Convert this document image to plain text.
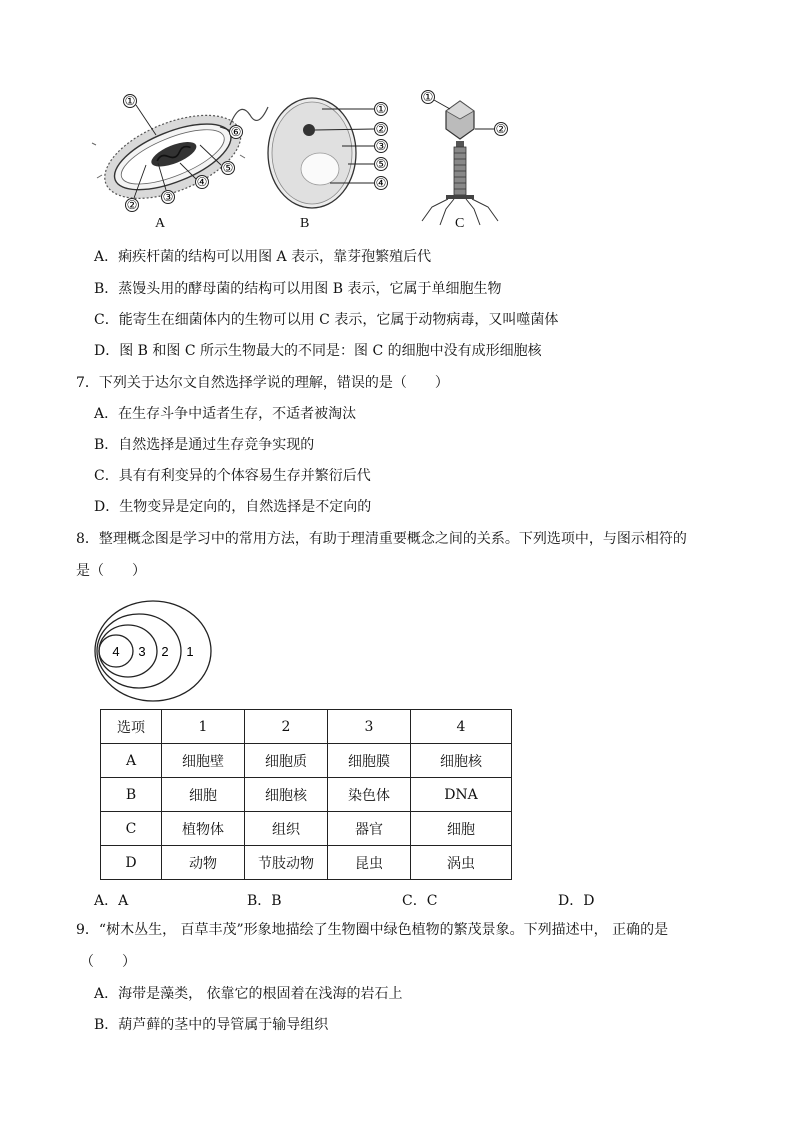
①
②
③
④
⑤
⑥
①
②
③
⑤
④
①
②
A	B	C
A．痢疾杆菌的结构可以用图 A 表示，靠芽孢繁殖后代
B．蒸馒头用的酵母菌的结构可以用图 B 表示，它属于单细胞生物
C．能寄生在细菌体内的生物可以用 C 表示，它属于动物病毒，又叫噬菌体
D．图 B 和图 C 所示生物最大的不同是：图 C 的细胞中没有成形细胞核
7．下列关于达尔文自然选择学说的理解，错误的是（　　）
A．在生存斗争中适者生存，不适者被淘汰
B．自然选择是通过生存竞争实现的
C．具有有利变异的个体容易生存并繁衍后代
D．生物变异是定向的，自然选择是不定向的
8．整理概念图是学习中的常用方法，有助于理清重要概念之间的关系。下列选项中，与图示相符的
是（　　）
4 3 2 1
选项	1	2	3	4
A	细胞壁	细胞质	细胞膜	细胞核
B	细胞	细胞核	染色体	DNA
C	植物体	组织	器官	细胞
D	动物	节肢动物	昆虫	涡虫
A．A	B．B	C．C	D．D
9．“树木丛生， 百草丰茂”形象地描绘了生物圈中绿色植物的繁茂景象。下列描述中， 正确的是
（　　）
A．海带是藻类， 依靠它的根固着在浅海的岩石上
B．葫芦藓的茎中的导管属于输导组织
